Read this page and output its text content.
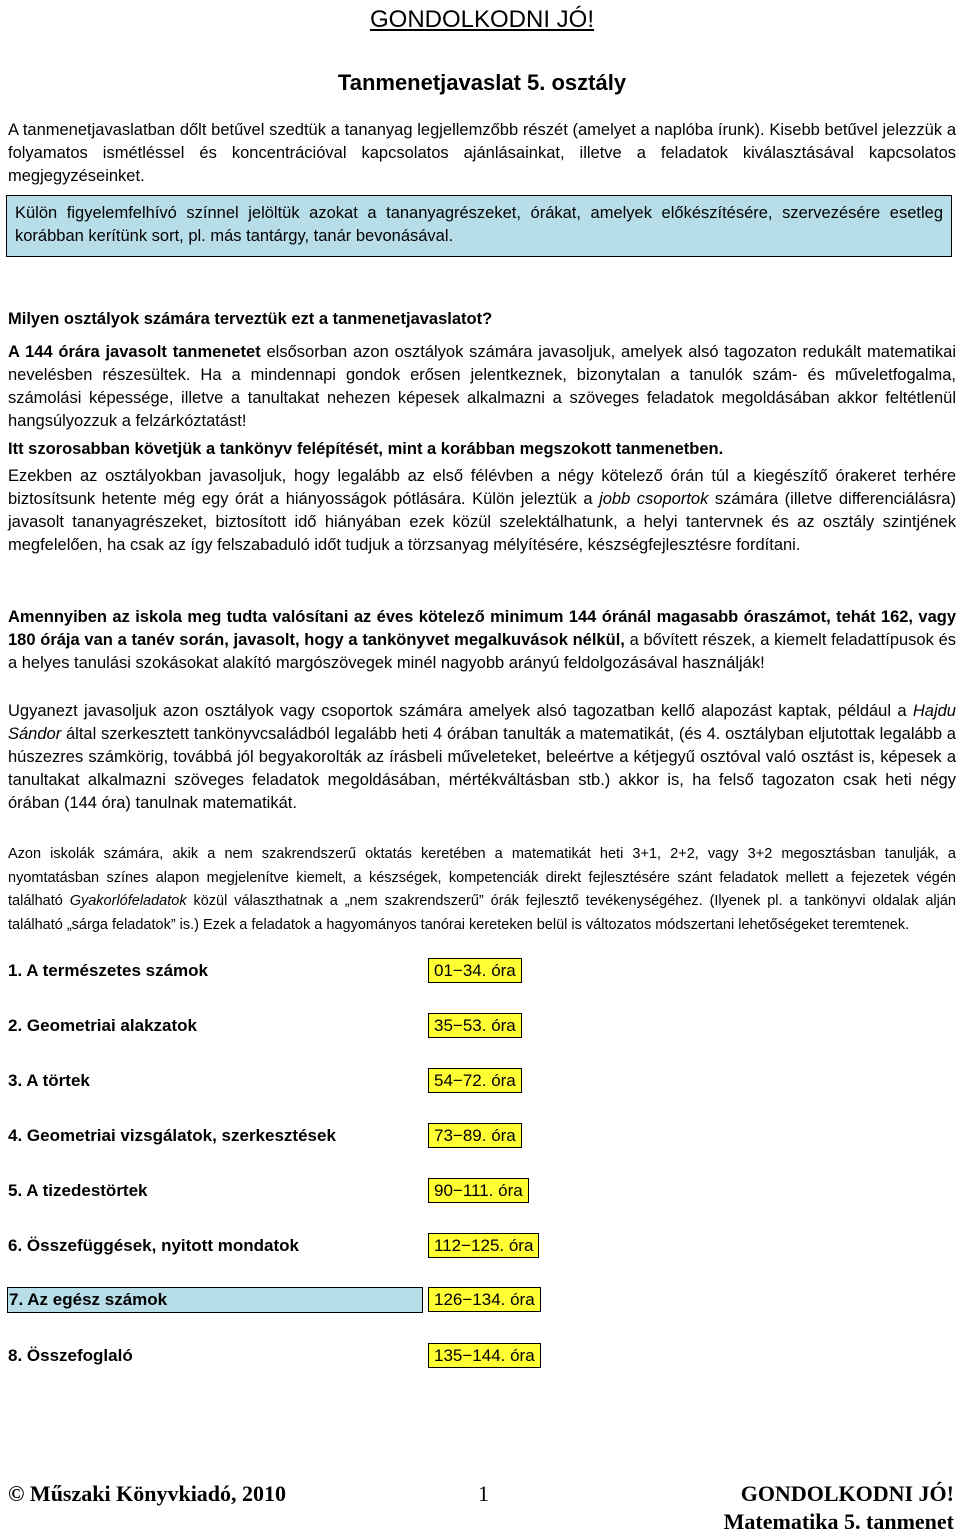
GONDOLKODNI JÓ!
Tanmenetjavaslat 5. osztály

A tanmenetjavaslatban dőlt betűvel szedtük a tananyag legjellemzőbb részét (amelyet a naplóba írunk). Kisebb betűvel jelezzük a folyamatos ismétléssel és koncentrációval kapcsolatos ajánlásainkat, illetve a feladatok kiválasztásával kapcsolatos megjegyzéseinket.

Külön figyelemfelhívó színnel jelöltük azokat a tananyagrészeket, órákat, amelyek előkészítésére, szervezésére esetleg korábban kerítünk sort, pl. más tantárgy, tanár bevonásával.

Milyen osztályok számára terveztük ezt a tanmenetjavaslatot?

A 144 órára javasolt tanmenetet elsősorban azon osztályok számára javasoljuk, amelyek alsó tagozaton redukált matematikai nevelésben részesültek. Ha a mindennapi gondok erősen jelentkeznek, bizonytalan a tanulók szám- és műveletfogalma, számolási képessége, illetve a tanultakat nehezen képesek alkalmazni a szöveges feladatok megoldásában akkor feltétlenül hangsúlyozzuk a felzárkóztatást!

Itt szorosabban követjük a tankönyv felépítését, mint a korábban megszokott tanmenetben.

Ezekben az osztályokban javasoljuk, hogy legalább az első félévben a négy kötelező órán túl a kiegészítő órakeret terhére biztosítsunk hetente még egy órát a hiányosságok pótlására. Külön jeleztük a jobb csoportok számára (illetve differenciálásra) javasolt tananyagrészeket, biztosított idő hiányában ezek közül szelektálhatunk, a helyi tantervnek és az osztály szintjének megfelelően, ha csak az így felszabaduló időt tudjuk a törzsanyag mélyítésére, készségfejlesztésre fordítani.

Amennyiben az iskola meg tudta valósítani az éves kötelező minimum 144 óránál magasabb óraszámot, tehát 162, vagy 180 órája van a tanév során, javasolt, hogy a tankönyvet megalkuvások nélkül, a bővített részek, a kiemelt feladattípusok és a helyes tanulási szokásokat alakító margószövegek minél nagyobb arányú feldolgozásával használják!

Ugyanezt javasoljuk azon osztályok vagy csoportok számára amelyek alsó tagozatban kellő alapozást kaptak, például a Hajdu Sándor által szerkesztett tankönyvcsaládból legalább heti 4 órában tanulták a matematikát, (és 4. osztályban eljutottak legalább a húszezres számkörig, továbbá jól begyakorolták az írásbeli műveleteket, beleértve a kétjegyű osztóval való osztást is, képesek a tanultakat alkalmazni szöveges feladatok megoldásában, mértékváltásban stb.) akkor is, ha felső tagozaton csak heti négy órában (144 óra) tanulnak matematikát.

Azon iskolák számára, akik a nem szakrendszerű oktatás keretében a matematikát heti 3+1, 2+2, vagy 3+2 megosztásban tanulják, a nyomtatásban színes alapon megjelenítve kiemelt, a készségek, kompetenciák direkt fejlesztésére szánt feladatok mellett a fejezetek végén található Gyakorlófeladatok közül választhatnak a „nem szakrendszerű” órák fejlesztő tevékenységéhez. (Ilyenek pl. a tankönyvi oldalak alján található „sárga feladatok” is.) Ezek a feladatok a hagyományos tanórai kereteken belül is változatos módszertani lehetőségeket teremtenek.

1. A természetes számok	01−34. óra
2. Geometriai alakzatok	35−53. óra
3. A törtek	54−72. óra
4. Geometriai vizsgálatok, szerkesztések	73−89. óra
5. A tizedestörtek	90−111. óra
6. Összefüggések, nyitott mondatok	112−125. óra
7. Az egész számok	126−134. óra
8. Összefoglaló	135−144. óra
© Műszaki Könyvkiadó, 2010	1	GONDOLKODNI JÓ!
Matematika 5. tanmenet
